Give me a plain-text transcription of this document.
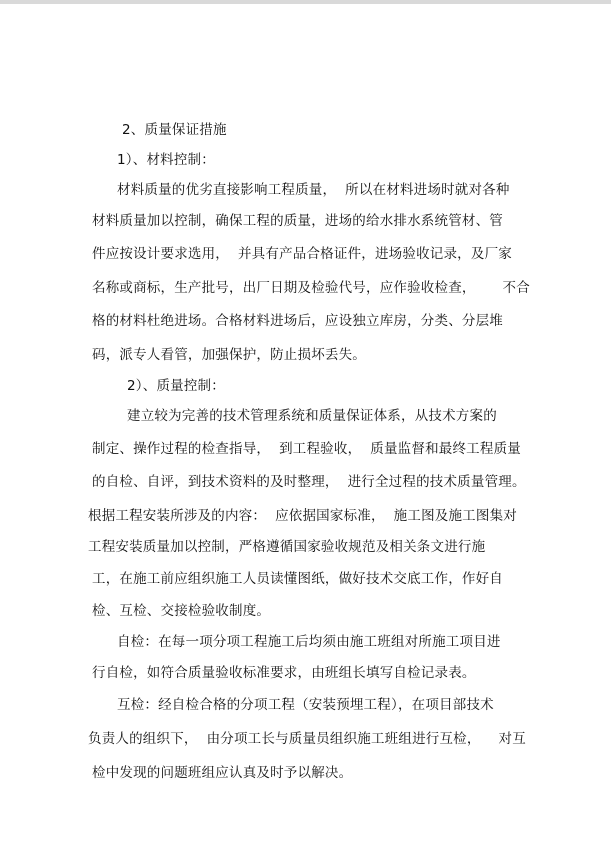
2、质量保证措施
1）、材料控制：
材料质量的优劣直接影响工程质量，  所以在材料进场时就对各种
材料质量加以控制，确保工程的质量，进场的给水排水系统管材、管
件应按设计要求选用，  并具有产品合格证件，进场验收记录，及厂家
名称或商标，生产批号，出厂日期及检验代号，应作验收检查，      不合
格的材料杜绝进场。合格材料进场后，应设独立库房，分类、分层堆
码，派专人看管，加强保护，防止损坏丢失。
2）、质量控制：
建立较为完善的技术管理系统和质量保证体系，从技术方案的
制定、操作过程的检查指导，  到工程验收，  质量监督和最终工程质量
的自检、自评，到技术资料的及时整理，  进行全过程的技术质量管理。
根据工程安装所涉及的内容：  应依据国家标准，  施工图及施工图集对
工程安装质量加以控制，严格遵循国家验收规范及相关条文进行施
工，在施工前应组织施工人员读懂图纸，做好技术交底工作，作好自
检、互检、交接检验收制度。
自检：在每一项分项工程施工后均须由施工班组对所施工项目进
行自检，如符合质量验收标准要求，由班组长填写自检记录表。
互检：经自检合格的分项工程（安装预埋工程），在项目部技术
负责人的组织下，  由分项工长与质量员组织施工班组进行互检，    对互
检中发现的问题班组应认真及时予以解决。
